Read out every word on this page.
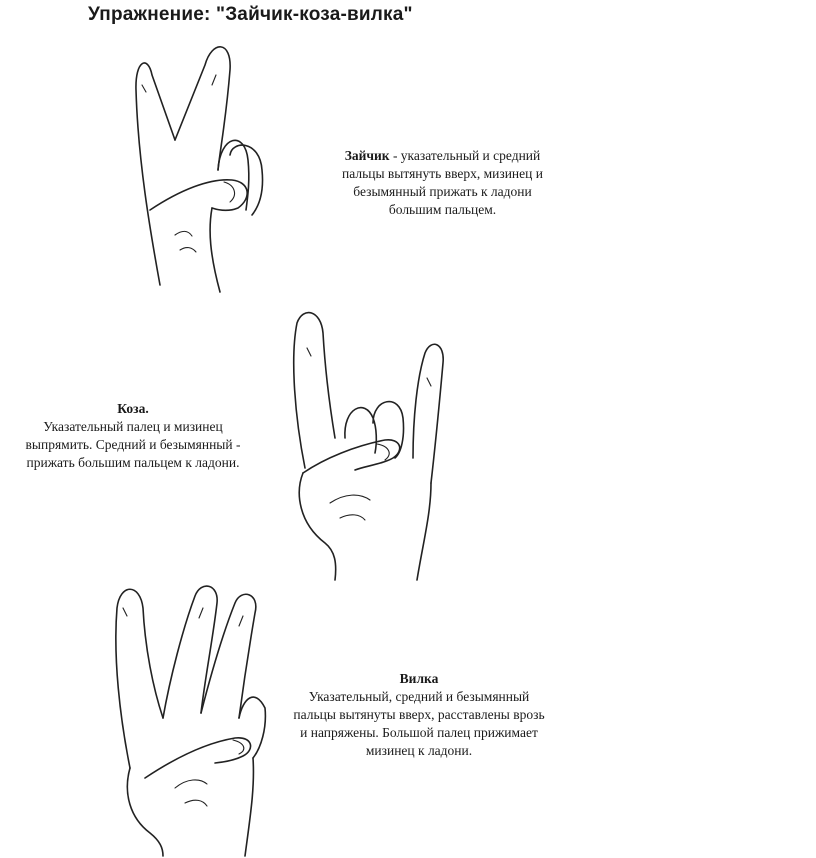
Упражнение: "Зайчик-коза-вилка"
Зайчик - указательный и средний
пальцы вытянуть вверх, мизинец и
безымянный прижать к ладони
большим пальцем.
Коза.
Указательный палец и мизинец
выпрямить. Средний и безымянный -
прижать большим пальцем к ладони.
Вилка
Указательный, средний и безымянный
пальцы вытянуты вверх, расставлены врозь
и напряжены. Большой палец прижимает
мизинец к ладони.
